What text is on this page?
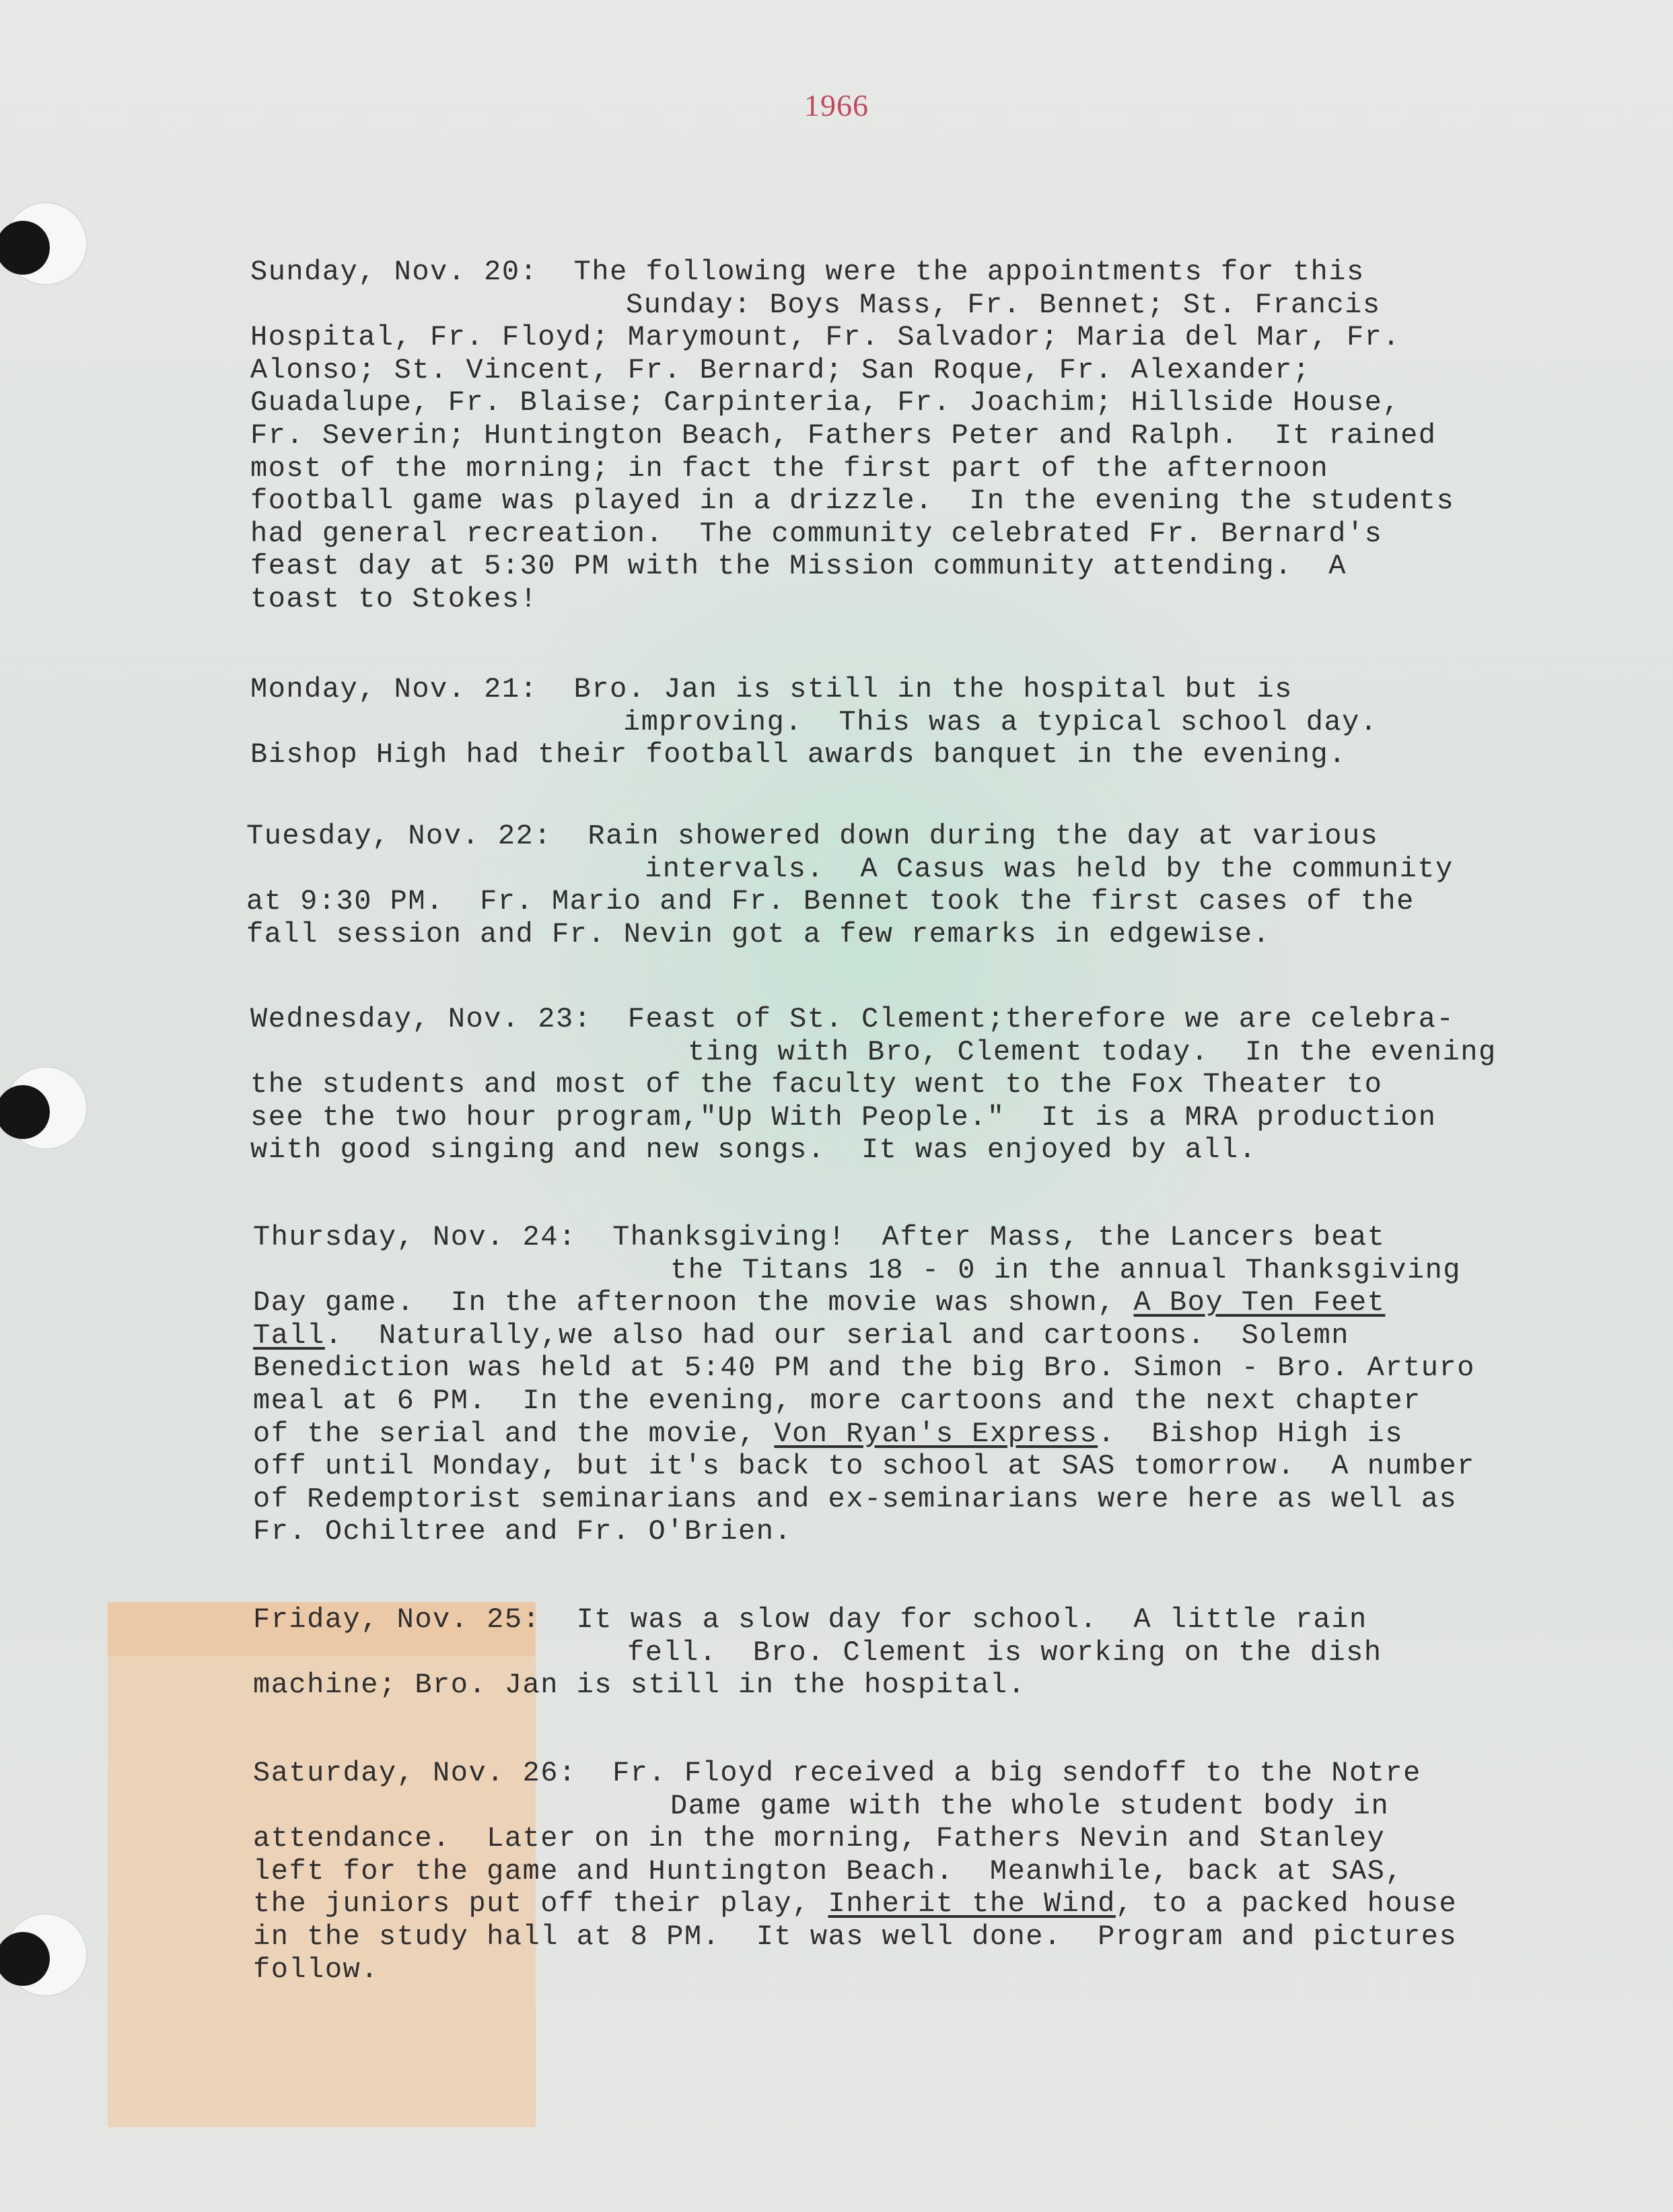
1966

Sunday, Nov. 20:  The following were the appointments for this

Sunday: Boys Mass, Fr. Bennet; St. Francis

Hospital, Fr. Floyd; Marymount, Fr. Salvador; Maria del Mar, Fr.

Alonso; St. Vincent, Fr. Bernard; San Roque, Fr. Alexander;

Guadalupe, Fr. Blaise; Carpinteria, Fr. Joachim; Hillside House,

Fr. Severin; Huntington Beach, Fathers Peter and Ralph.  It rained

most of the morning; in fact the first part of the afternoon

football game was played in a drizzle.  In the evening the students

had general recreation.  The community celebrated Fr. Bernard's

feast day at 5:30 PM with the Mission community attending.  A

toast to Stokes!

Monday, Nov. 21:  Bro. Jan is still in the hospital but is

improving.  This was a typical school day.

Bishop High had their football awards banquet in the evening.

Tuesday, Nov. 22:  Rain showered down during the day at various

intervals.  A Casus was held by the community

at 9:30 PM.  Fr. Mario and Fr. Bennet took the first cases of the

fall session and Fr. Nevin got a few remarks in edgewise.

Wednesday, Nov. 23:  Feast of St. Clement;therefore we are celebra-

ting with Bro, Clement today.  In the evening

the students and most of the faculty went to the Fox Theater to

see the two hour program,"Up With People."  It is a MRA production

with good singing and new songs.  It was enjoyed by all.

Thursday, Nov. 24:  Thanksgiving!  After Mass, the Lancers beat

the Titans 18 - 0 in the annual Thanksgiving

Day game.  In the afternoon the movie was shown, A Boy Ten Feet

Tall.  Naturally,we also had our serial and cartoons.  Solemn

Benediction was held at 5:40 PM and the big Bro. Simon - Bro. Arturo

meal at 6 PM.  In the evening, more cartoons and the next chapter

of the serial and the movie, Von Ryan's Express.  Bishop High is

off until Monday, but it's back to school at SAS tomorrow.  A number

of Redemptorist seminarians and ex-seminarians were here as well as

Fr. Ochiltree and Fr. O'Brien.

Friday, Nov. 25:  It was a slow day for school.  A little rain

fell.  Bro. Clement is working on the dish

machine; Bro. Jan is still in the hospital.

Saturday, Nov. 26:  Fr. Floyd received a big sendoff to the Notre

Dame game with the whole student body in

attendance.  Later on in the morning, Fathers Nevin and Stanley

left for the game and Huntington Beach.  Meanwhile, back at SAS,

the juniors put off their play, Inherit the Wind, to a packed house

in the study hall at 8 PM.  It was well done.  Program and pictures

follow.
